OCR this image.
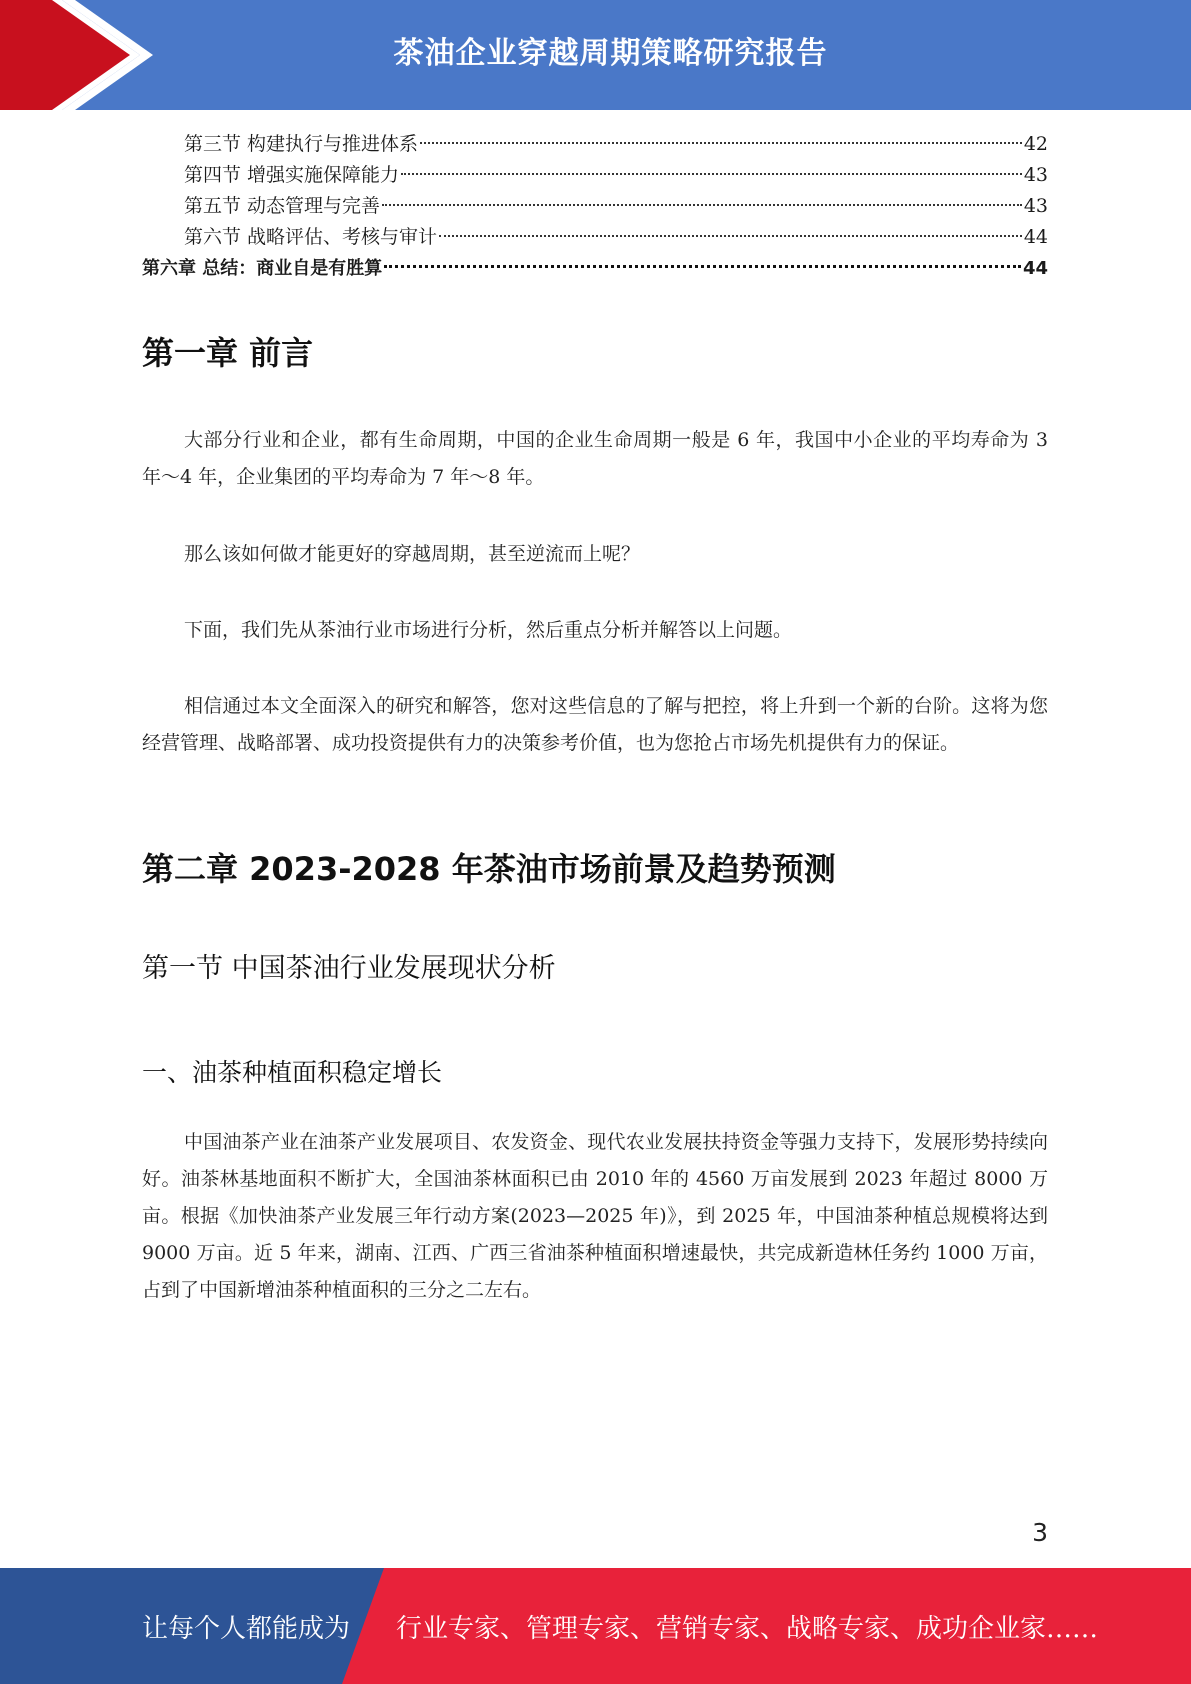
茶油企业穿越周期策略研究报告
第三节 构建执行与推进体系	42
第四节 增强实施保障能力	43
第五节 动态管理与完善	43
第六节 战略评估、考核与审计	44
第六章 总结：商业自是有胜算	44
第一章 前言

大部分行业和企业，都有生命周期，中国的企业生命周期一般是 6 年，我国中小企业的平均寿命为 3 年～4 年，企业集团的平均寿命为 7 年～8 年。

那么该如何做才能更好的穿越周期，甚至逆流而上呢？

下面，我们先从茶油行业市场进行分析，然后重点分析并解答以上问题。

相信通过本文全面深入的研究和解答，您对这些信息的了解与把控，将上升到一个新的台阶。这将为您经营管理、战略部署、成功投资提供有力的决策参考价值，也为您抢占市场先机提供有力的保证。

第二章 2023-2028 年茶油市场前景及趋势预测
第一节 中国茶油行业发展现状分析
一、油茶种植面积稳定增长

中国油茶产业在油茶产业发展项目、农发资金、现代农业发展扶持资金等强力支持下，发展形势持续向好。油茶林基地面积不断扩大，全国油茶林面积已由 2010 年的 4560 万亩发展到 2023 年超过 8000 万亩。根据《加快油茶产业发展三年行动方案(2023—2025 年)》，到 2025 年，中国油茶种植总规模将达到 9000 万亩。近 5 年来，湖南、江西、广西三省油茶种植面积增速最快，共完成新造林任务约 1000 万亩，占到了中国新增油茶种植面积的三分之二左右。

3
让每个人都能成为 行业专家、管理专家、营销专家、战略专家、成功企业家……
